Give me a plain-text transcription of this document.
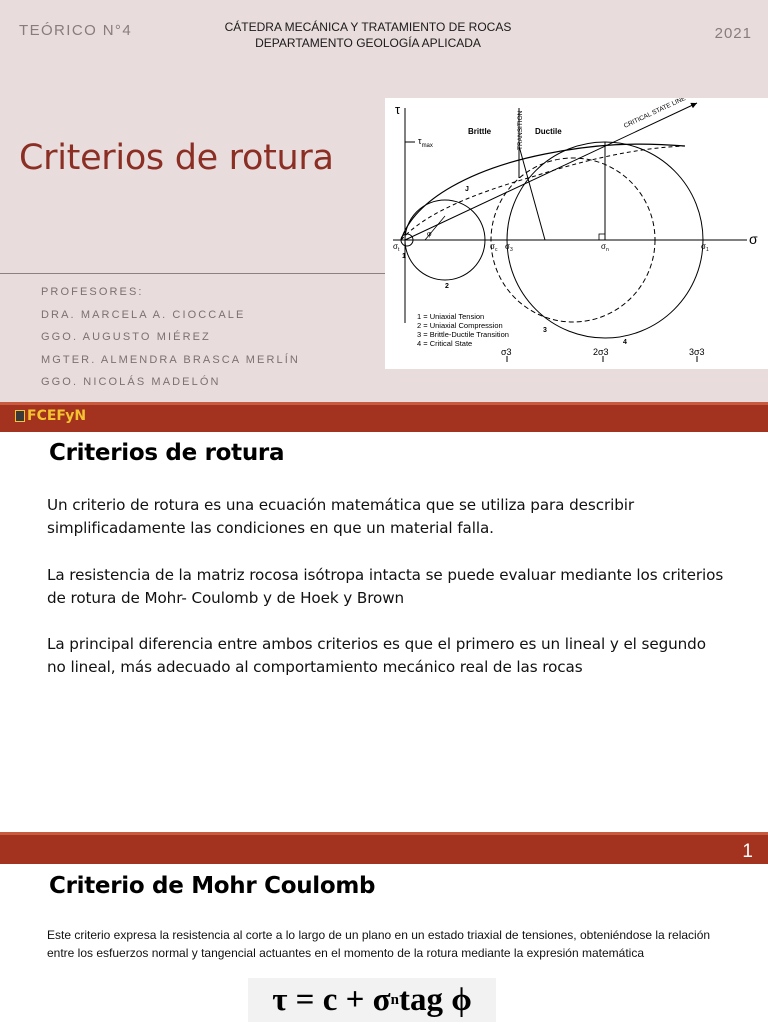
TEÓRICO N°4	CÁTEDRA MECÁNICA Y TRATAMIENTO DE ROCAS
DEPARTAMENTO GEOLOGÍA APLICADA
2021
Criterios de rotura
PROFESORES:
DRA. MARCELA A. CIOCCALE
GGO. AUGUSTO MIÉREZ
MGTER. ALMENDRA BRASCA MERLÍN
GGO. NICOLÁS MADELÓN
τ
σ
$\tau_{max}$
CRITICAL STATE LINE
TRANSITION
Brittle	Ductile
φ
$\sigma_t$	$\sigma_c$ $\sigma_3$	$\sigma_n$	$\sigma_1$
1
2
3
4
J
1 = Uniaxial Tension
2 = Uniaxial Compression
3 = Brittle-Ductile Transition
4 = Critical State
σ3	2σ3	3σ3
FCEFyN
Criterios de rotura

Un criterio de rotura es una ecuación matemática que se utiliza para describir simplificadamente las condiciones en que un material falla.

La resistencia de la matriz rocosa isótropa intacta se puede evaluar mediante los criterios de rotura de Mohr- Coulomb y de Hoek y Brown

La principal diferencia entre ambos criterios es que el primero es un lineal y el segundo no lineal, más adecuado al comportamiento mecánico real de las rocas

1
Criterio de Mohr Coulomb

Este criterio expresa la resistencia al corte a lo largo de un plano en un estado triaxial de tensiones, obteniéndose la relación entre los esfuerzos normal y tangencial actuantes en el momento de la rotura mediante la expresión matemática

τ = c + σ n tag ϕ
